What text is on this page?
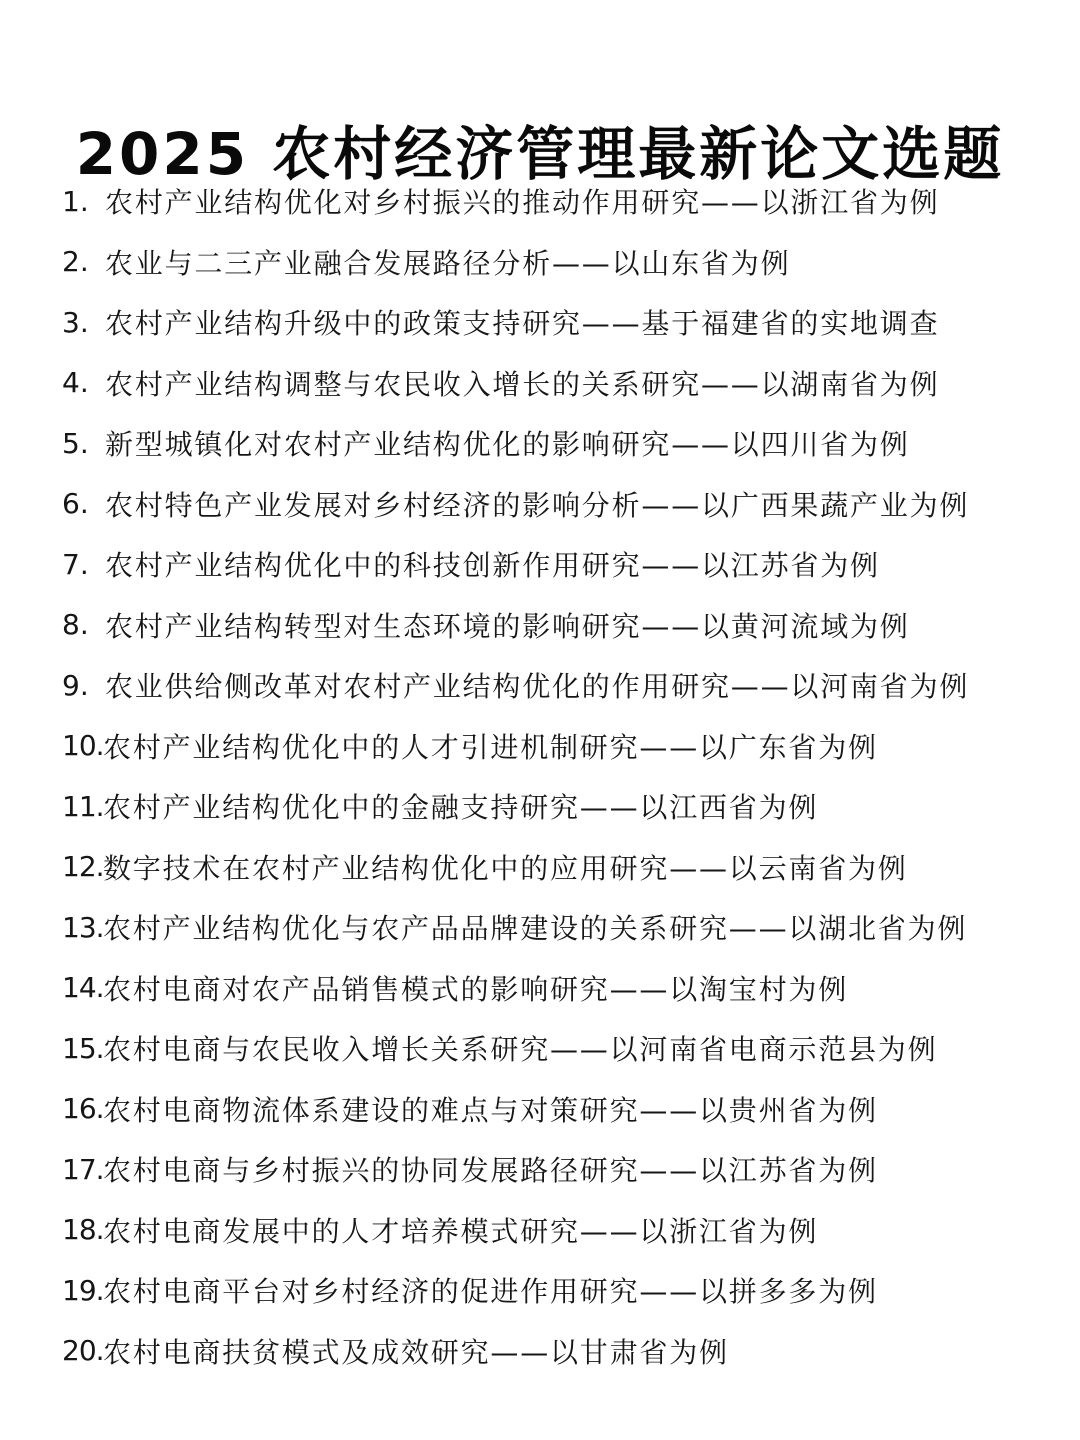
2025 农村经济管理最新论文选题
1. 农村产业结构优化对乡村振兴的推动作用研究——以浙江省为例
2. 农业与二三产业融合发展路径分析——以山东省为例
3. 农村产业结构升级中的政策支持研究——基于福建省的实地调查
4. 农村产业结构调整与农民收入增长的关系研究——以湖南省为例
5. 新型城镇化对农村产业结构优化的影响研究——以四川省为例
6. 农村特色产业发展对乡村经济的影响分析——以广西果蔬产业为例
7. 农村产业结构优化中的科技创新作用研究——以江苏省为例
8. 农村产业结构转型对生态环境的影响研究——以黄河流域为例
9. 农业供给侧改革对农村产业结构优化的作用研究——以河南省为例
10. 农村产业结构优化中的人才引进机制研究——以广东省为例
11. 农村产业结构优化中的金融支持研究——以江西省为例
12. 数字技术在农村产业结构优化中的应用研究——以云南省为例
13. 农村产业结构优化与农产品品牌建设的关系研究——以湖北省为例
14. 农村电商对农产品销售模式的影响研究——以淘宝村为例
15. 农村电商与农民收入增长关系研究——以河南省电商示范县为例
16. 农村电商物流体系建设的难点与对策研究——以贵州省为例
17. 农村电商与乡村振兴的协同发展路径研究——以江苏省为例
18. 农村电商发展中的人才培养模式研究——以浙江省为例
19. 农村电商平台对乡村经济的促进作用研究——以拼多多为例
20. 农村电商扶贫模式及成效研究——以甘肃省为例
